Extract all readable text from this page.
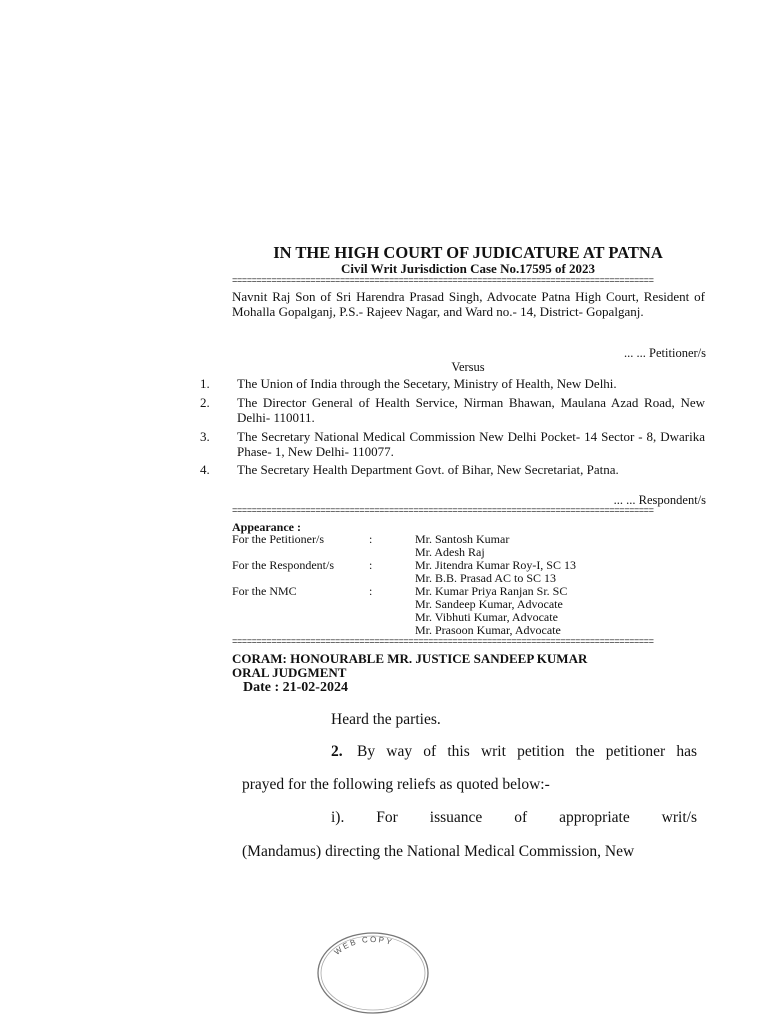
IN THE HIGH COURT OF JUDICATURE AT PATNA
Civil Writ Jurisdiction Case No.17595 of 2023
======================================================================================
Navnit Raj Son of Sri Harendra Prasad Singh, Advocate Patna High Court, Resident of Mohalla Gopalganj, P.S.- Rajeev Nagar, and Ward no.- 14, District- Gopalganj.
... ... Petitioner/s
Versus
1.	The Union of India through the Secetary, Ministry of Health, New Delhi.
2.	The Director General of Health Service, Nirman Bhawan, Maulana Azad Road, New Delhi- 110011.
3.	The Secretary National Medical Commission New Delhi Pocket- 14 Sector - 8, Dwarika Phase- 1, New Delhi- 110077.
4.	The Secretary Health Department Govt. of Bihar, New Secretariat, Patna.
... ... Respondent/s
======================================================================================
Appearance :
For the Petitioner/s	:	Mr. Santosh Kumar
Mr. Adesh Raj
For the Respondent/s	:	Mr. Jitendra Kumar Roy-I, SC 13
Mr. B.B. Prasad AC to SC 13
For the NMC	:	Mr. Kumar Priya Ranjan Sr. SC
Mr. Sandeep Kumar, Advocate
Mr. Vibhuti Kumar, Advocate
Mr. Prasoon Kumar, Advocate
======================================================================================
CORAM: HONOURABLE MR. JUSTICE SANDEEP KUMAR
ORAL JUDGMENT
Date : 21-02-2024
Heard the parties.
2. By way of this writ petition the petitioner has
prayed for the following reliefs as quoted below:-
i).  For  issuance  of  appropriate  writ/s
(Mandamus) directing the National Medical Commission, New
WEB COPY
